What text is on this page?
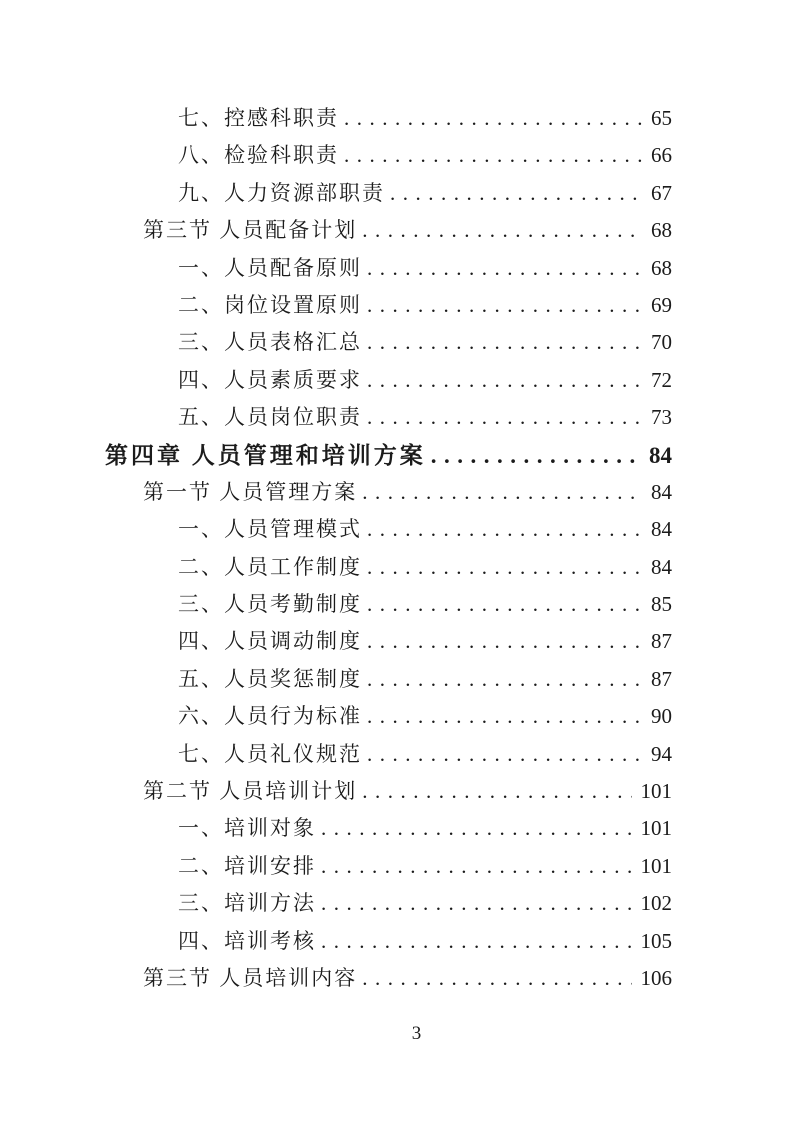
七、控感科职责 .....	65
八、检验科职责 .....	66
九、人力资源部职责 .....	67
第三节 人员配备计划 .....	68
一、人员配备原则 .....	68
二、岗位设置原则 .....	69
三、人员表格汇总 .....	70
四、人员素质要求 .....	72
五、人员岗位职责 .....	73
第四章 人员管理和培训方案 .....	84
第一节 人员管理方案 .....	84
一、人员管理模式 .....	84
二、人员工作制度 .....	84
三、人员考勤制度 .....	85
四、人员调动制度 .....	87
五、人员奖惩制度 .....	87
六、人员行为标准 .....	90
七、人员礼仪规范 .....	94
第二节 人员培训计划 .....	101
一、培训对象 .....	101
二、培训安排 .....	101
三、培训方法 .....	102
四、培训考核 .....	105
第三节 人员培训内容 .....	106
3
